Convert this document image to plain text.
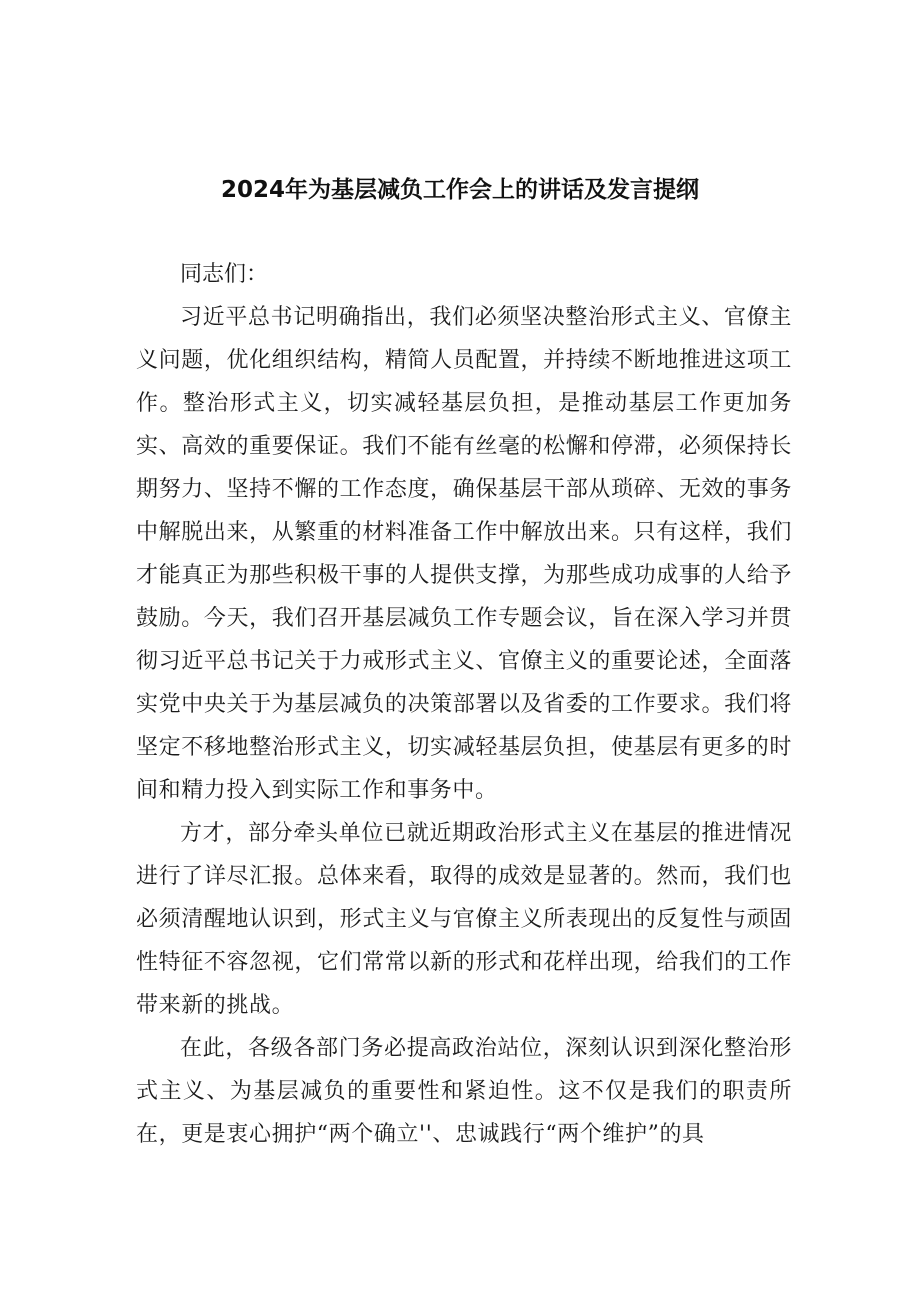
2024年为基层减负工作会上的讲话及发言提纲

同志们：

习近平总书记明确指出，我们必须坚决整治形式主义、官僚主义问题，优化组织结构，精简人员配置，并持续不断地推进这项工作。整治形式主义，切实减轻基层负担，是推动基层工作更加务实、高效的重要保证。我们不能有丝毫的松懈和停滞，必须保持长期努力、坚持不懈的工作态度，确保基层干部从琐碎、无效的事务中解脱出来，从繁重的材料准备工作中解放出来。只有这样，我们才能真正为那些积极干事的人提供支撑，为那些成功成事的人给予鼓励。今天，我们召开基层减负工作专题会议，旨在深入学习并贯彻习近平总书记关于力戒形式主义、官僚主义的重要论述，全面落实党中央关于为基层减负的决策部署以及省委的工作要求。我们将坚定不移地整治形式主义，切实减轻基层负担，使基层有更多的时间和精力投入到实际工作和事务中。

方才，部分牵头单位已就近期政治形式主义在基层的推进情况进行了详尽汇报。总体来看，取得的成效是显著的。然而，我们也必须清醒地认识到，形式主义与官僚主义所表现出的反复性与顽固性特征不容忽视，它们常常以新的形式和花样出现，给我们的工作带来新的挑战。

在此，各级各部门务必提高政治站位，深刻认识到深化整治形式主义、为基层减负的重要性和紧迫性。这不仅是我们的职责所在，更是衷心拥护“两个确立''、忠诚践行“两个维护”的具
